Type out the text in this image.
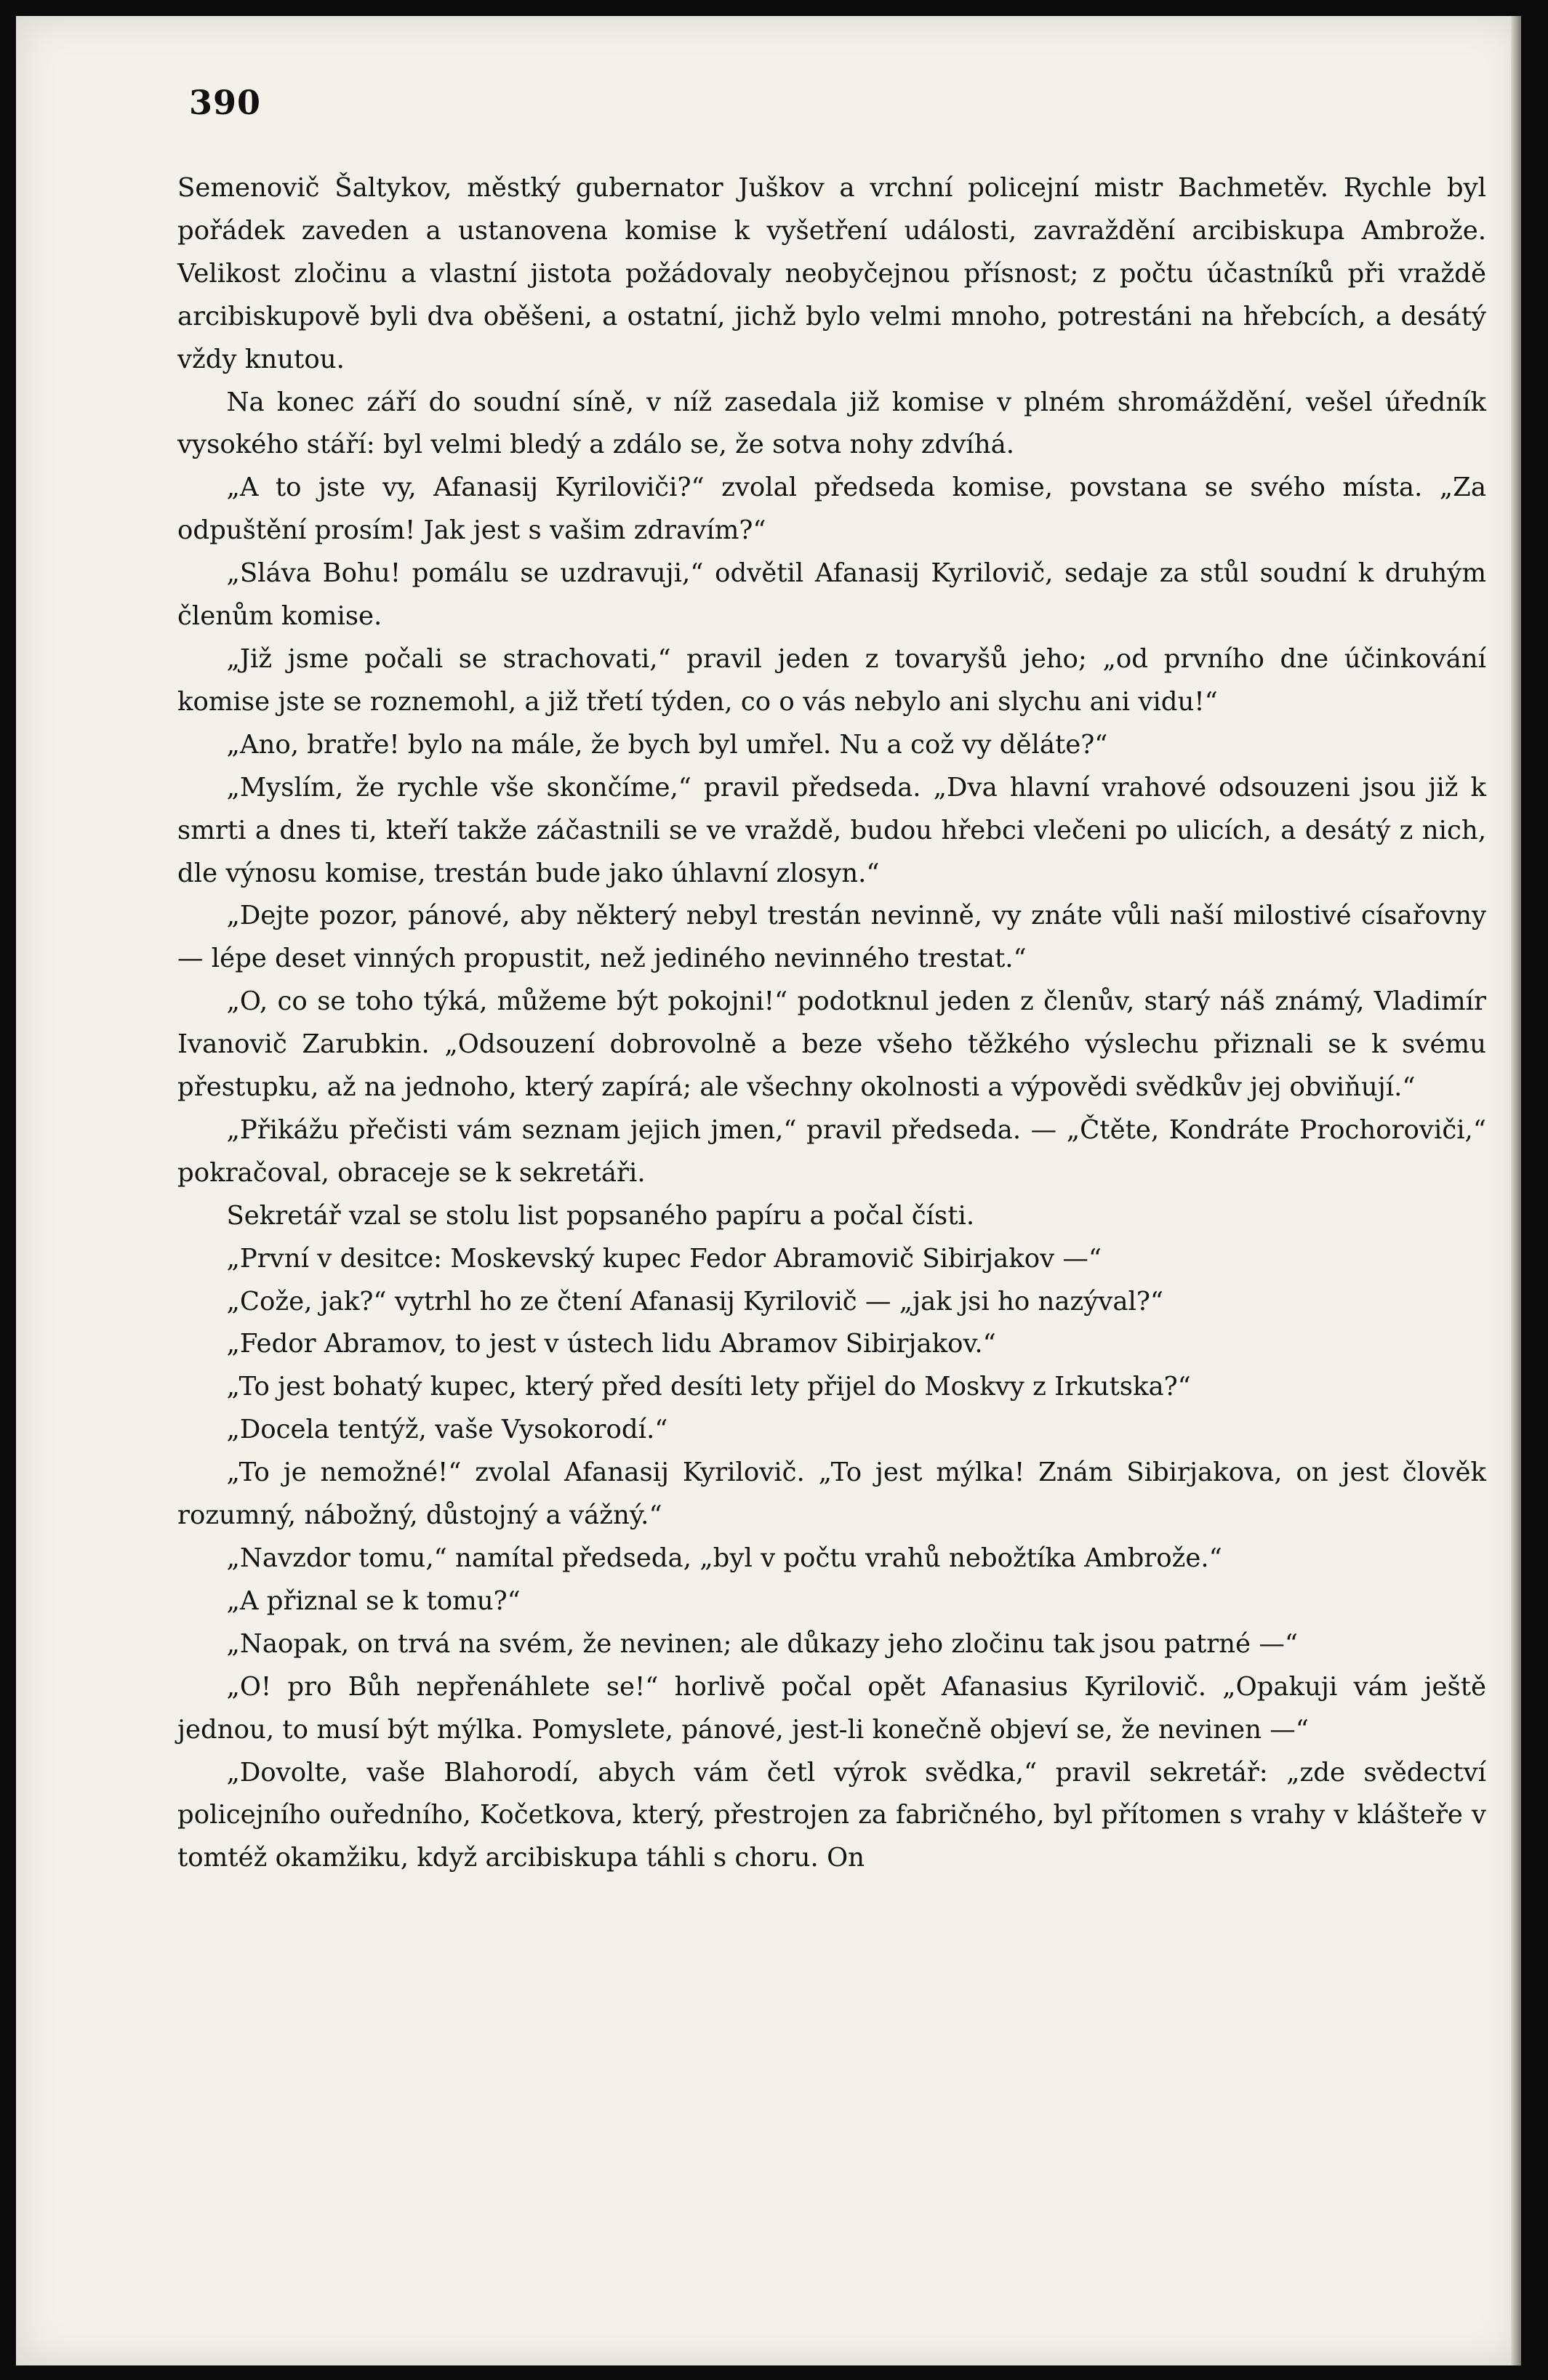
390

Semenovič Šaltykov, městký gubernator Juškov a vrchní policejní mistr Bachmetěv. Rychle byl pořádek zaveden a ustanovena komise k vyšetření události, zavraždění arcibiskupa Ambrože. Velikost zločinu a vlastní jistota požádovaly neobyčejnou přísnost; z počtu účastníků při vraždě arcibiskupově byli dva oběšeni, a ostatní, jichž bylo velmi mnoho, potrestáni na hřebcích, a desátý vždy knutou.

Na konec září do soudní síně, v níž zasedala již komise v plném shromáždění, vešel úředník vysokého stáří: byl velmi bledý a zdálo se, že sotva nohy zdvíhá.

„A to jste vy, Afanasij Kyriloviči?“ zvolal předseda komise, povstana se svého místa. „Za odpuštění prosím! Jak jest s vašim zdravím?“

„Sláva Bohu! pomálu se uzdravuji,“ odvětil Afanasij Kyrilovič, sedaje za stůl soudní k druhým členům komise.

„Již jsme počali se strachovati,“ pravil jeden z tovaryšů jeho; „od prvního dne účinkování komise jste se roznemohl, a již třetí týden, co o vás nebylo ani slychu ani vidu!“

„Ano, bratře! bylo na mále, že bych byl umřel. Nu a což vy děláte?“

„Myslím, že rychle vše skončíme,“ pravil předseda. „Dva hlavní vrahové odsouzeni jsou již k smrti a dnes ti, kteří takže záčastnili se ve vraždě, budou hřebci vlečeni po ulicích, a desátý z nich, dle výnosu komise, trestán bude jako úhlavní zlosyn.“

„Dejte pozor, pánové, aby některý nebyl trestán nevinně, vy znáte vůli naší milostivé císařovny — lépe deset vinných propustit, než jediného nevinného trestat.“

„O, co se toho týká, můžeme být pokojni!“ podotknul jeden z členův, starý náš známý, Vladimír Ivanovič Zarubkin. „Odsouzení dobrovolně a beze všeho těžkého výslechu přiznali se k svému přestupku, až na jednoho, který zapírá; ale všechny okolnosti a výpovědi svědkův jej obviňují.“

„Přikážu přečisti vám seznam jejich jmen,“ pravil předseda. — „Čtěte, Kondráte Prochoroviči,“ pokračoval, obraceje se k sekretáři.

Sekretář vzal se stolu list popsaného papíru a počal čísti.

„První v desitce: Moskevský kupec Fedor Abramovič Sibirjakov —“

„Cože, jak?“ vytrhl ho ze čtení Afanasij Kyrilovič — „jak jsi ho nazýval?“

„Fedor Abramov, to jest v ústech lidu Abramov Sibirjakov.“

„To jest bohatý kupec, který před desíti lety přijel do Moskvy z Irkutska?“

„Docela tentýž, vaše Vysokorodí.“

„To je nemožné!“ zvolal Afanasij Kyrilovič. „To jest mýlka! Znám Sibirjakova, on jest člověk rozumný, nábožný, důstojný a vážný.“

„Navzdor tomu,“ namítal předseda, „byl v počtu vrahů nebožtíka Ambrože.“

„A přiznal se k tomu?“

„Naopak, on trvá na svém, že nevinen; ale důkazy jeho zločinu tak jsou patrné —“

„O! pro Bůh nepřenáhlete se!“ horlivě počal opět Afanasius Kyrilovič. „Opakuji vám ještě jednou, to musí být mýlka. Pomyslete, pánové, jest-li konečně objeví se, že nevinen —“

„Dovolte, vaše Blahorodí, abych vám četl výrok svědka,“ pravil sekretář: „zde svědectví policejního ouředního, Kočetkova, který, přestrojen za fabričného, byl přítomen s vrahy v klášteře v tomtéž okamžiku, když arcibiskupa táhli s choru. On
